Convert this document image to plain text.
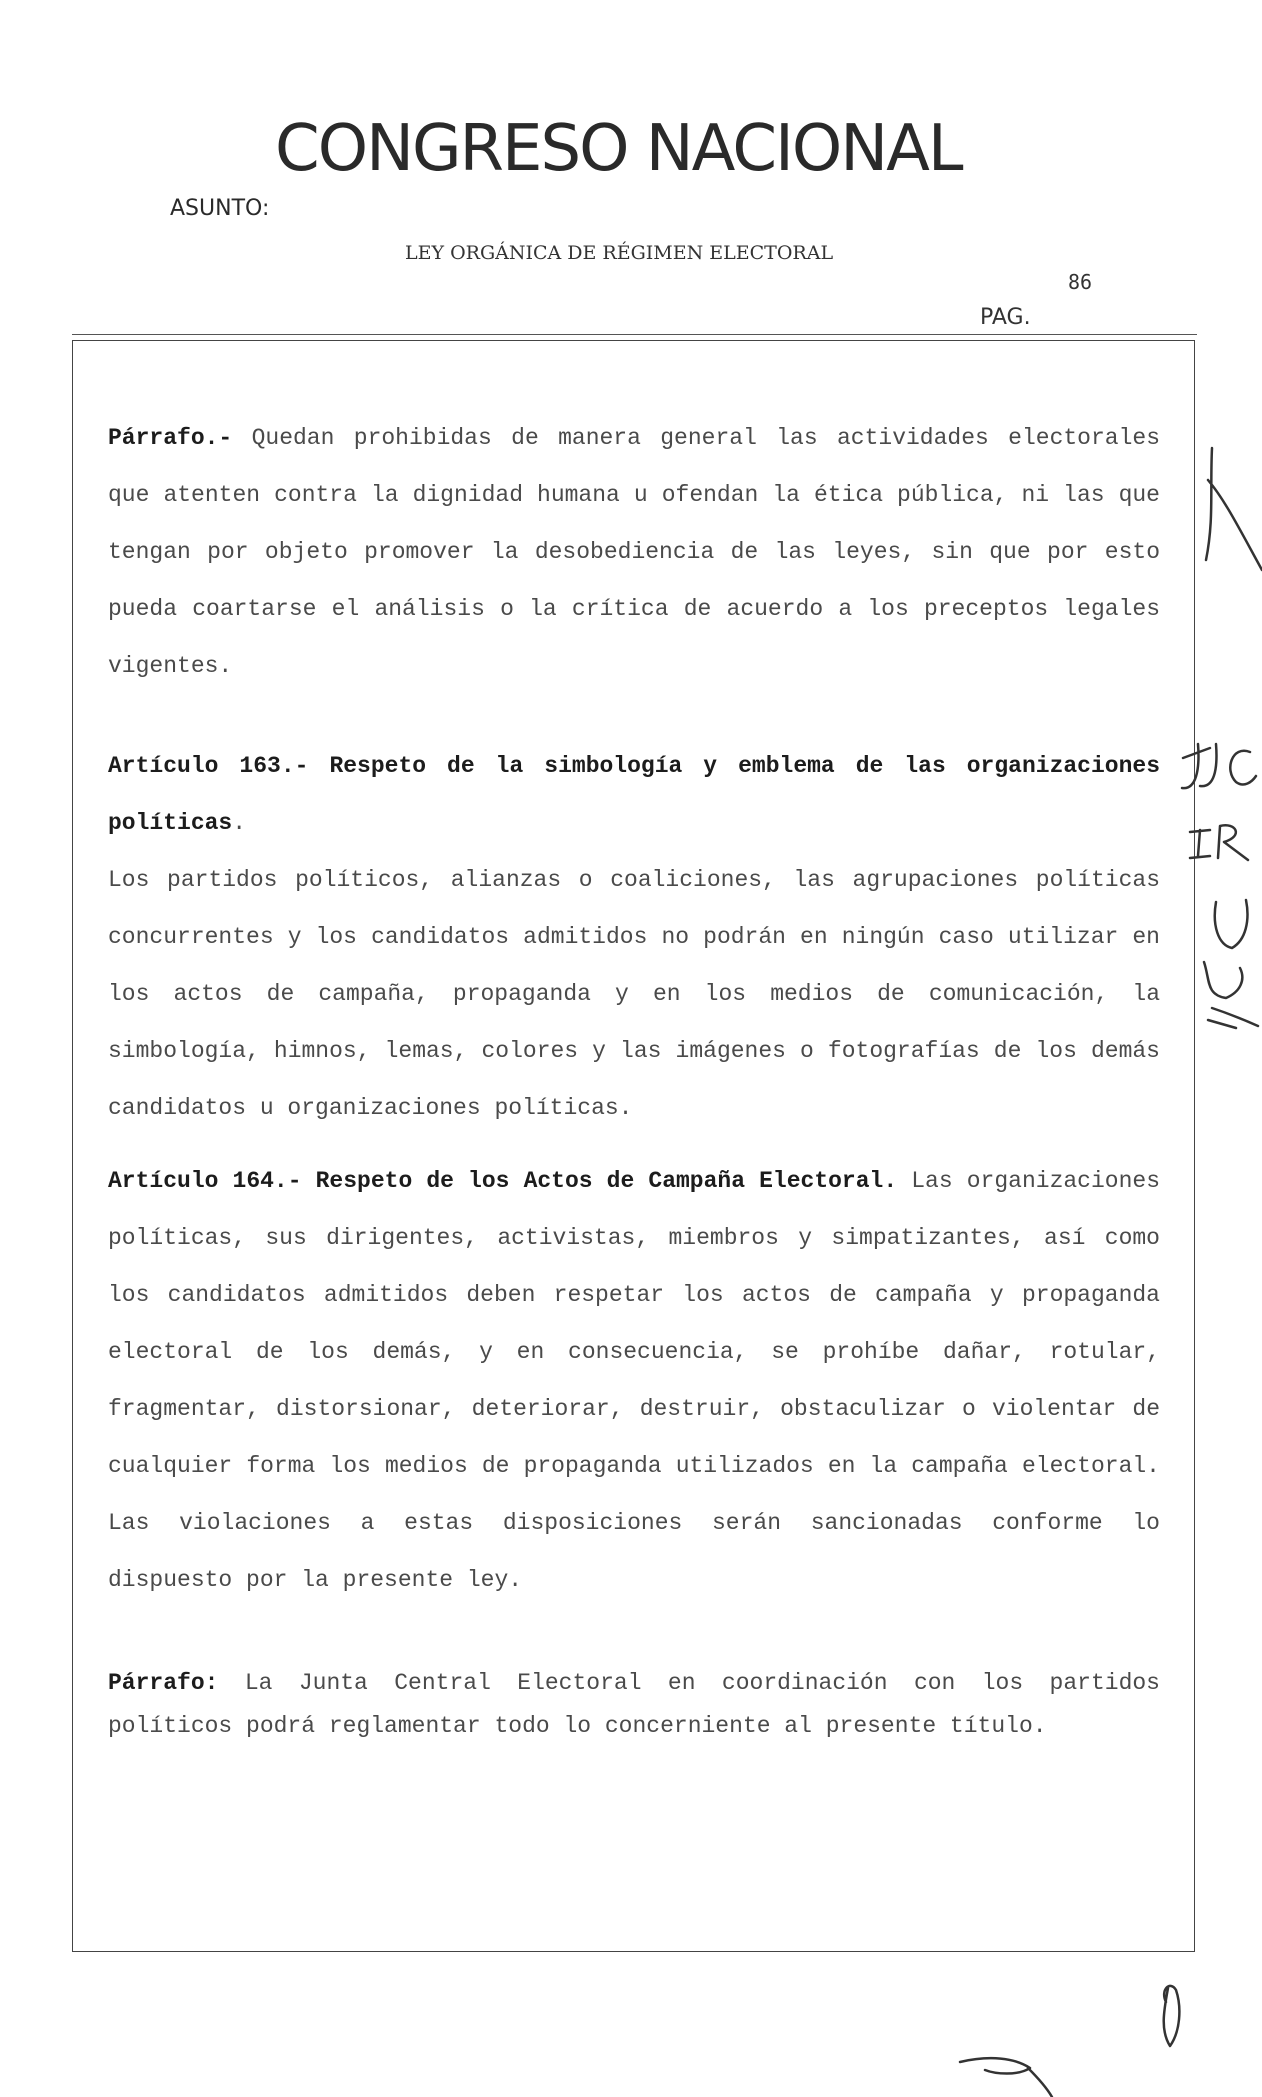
CONGRESO NACIONAL
ASUNTO:
LEY ORGÁNICA DE RÉGIMEN ELECTORAL
86
PAG.

Párrafo.- Quedan prohibidas de manera general las actividades electorales que atenten contra la dignidad humana u ofendan la ética pública, ni las que tengan por objeto promover la desobediencia de las leyes, sin que por esto pueda coartarse el análisis o la crítica de acuerdo a los preceptos legales vigentes.

Artículo 163.- Respeto de la simbología y emblema de las organizaciones políticas.

Los partidos políticos, alianzas o coaliciones, las agrupaciones políticas concurrentes y los candidatos admitidos no podrán en ningún caso utilizar en los actos de campaña, propaganda y en los medios de comunicación, la simbología, himnos, lemas, colores y las imágenes o fotografías de los demás candidatos u organizaciones políticas.

Artículo 164.- Respeto de los Actos de Campaña Electoral. Las organizaciones políticas, sus dirigentes, activistas, miembros y simpatizantes, así como los candidatos admitidos deben respetar los actos de campaña y propaganda electoral de los demás, y en consecuencia, se prohíbe dañar, rotular, fragmentar, distorsionar, deteriorar, destruir, obstaculizar o violentar de cualquier forma los medios de propaganda utilizados en la campaña electoral. Las violaciones a estas disposiciones serán sancionadas conforme lo dispuesto por la presente ley.

Párrafo: La Junta Central Electoral en coordinación con los partidos políticos podrá reglamentar todo lo concerniente al presente título.
